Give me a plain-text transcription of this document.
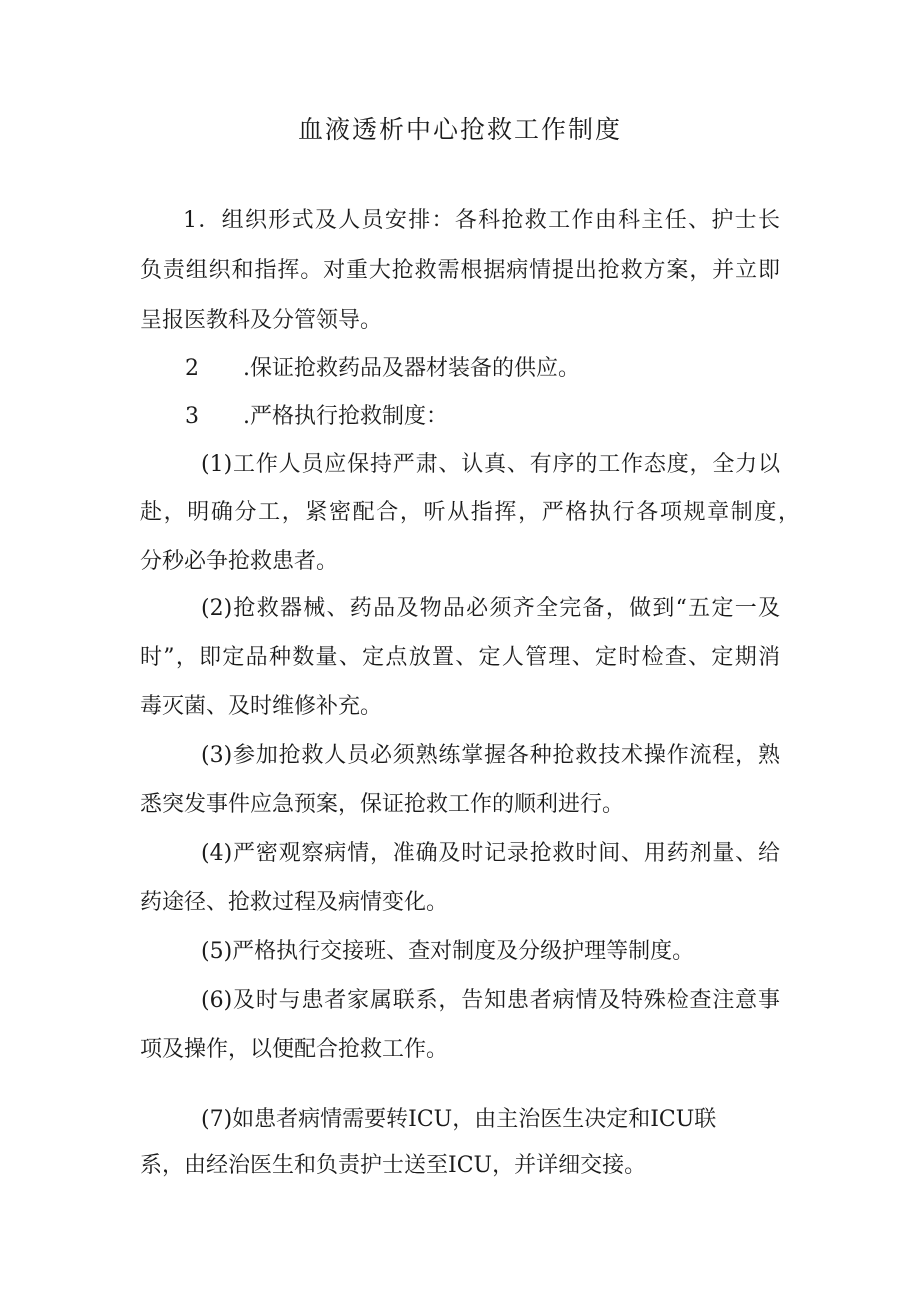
血液透析中心抢救工作制度
1．组织形式及人员安排：各科抢救工作由科主任、护士长
负责组织和指挥。对重大抢救需根据病情提出抢救方案，并立即
呈报医教科及分管领导。
2 .保证抢救药品及器材装备的供应。
3 .严格执行抢救制度：
(1)工作人员应保持严肃、认真、有序的工作态度，全力以
赴，明确分工，紧密配合，听从指挥，严格执行各项规章制度，
分秒必争抢救患者。
(2)抢救器械、药品及物品必须齐全完备，做到“五定一及
时”，即定品种数量、定点放置、定人管理、定时检查、定期消
毒灭菌、及时维修补充。
(3)参加抢救人员必须熟练掌握各种抢救技术操作流程，熟
悉突发事件应急预案，保证抢救工作的顺利进行。
(4)严密观察病情，准确及时记录抢救时间、用药剂量、给
药途径、抢救过程及病情变化。
(5)严格执行交接班、查对制度及分级护理等制度。
(6)及时与患者家属联系，告知患者病情及特殊检查注意事
项及操作，以便配合抢救工作。
(7)如患者病情需要转ICU，由主治医生决定和ICU联
系，由经治医生和负责护士送至ICU，并详细交接。
